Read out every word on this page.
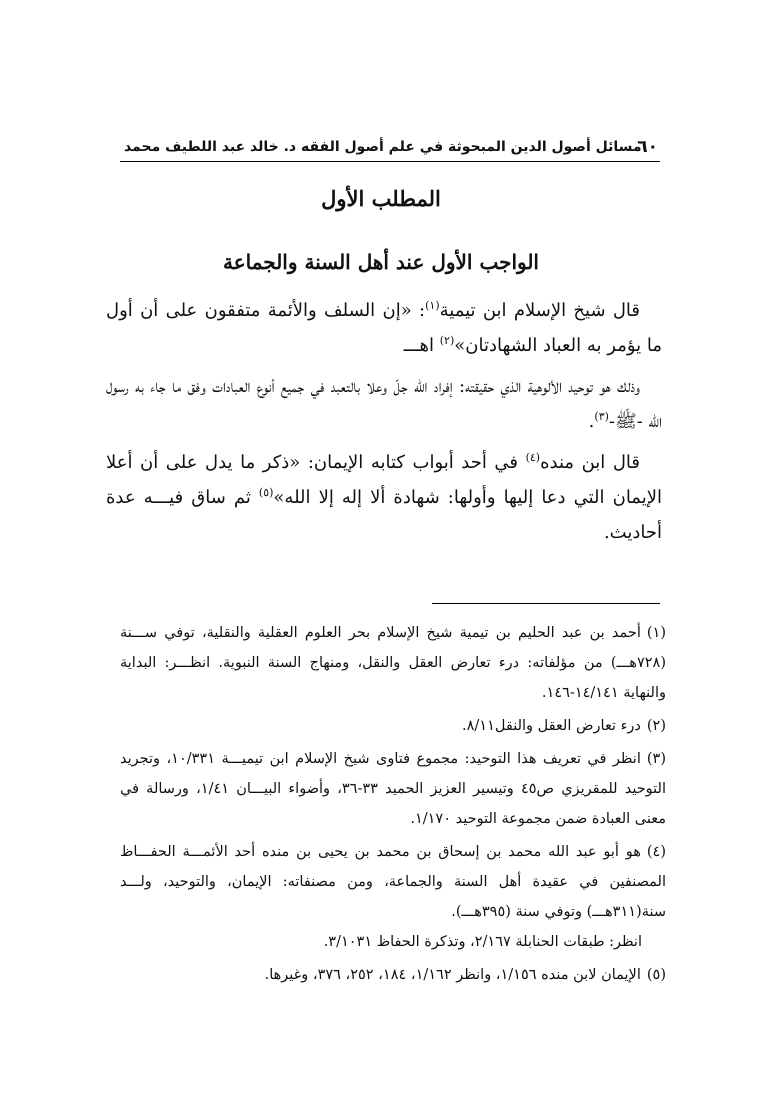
٦٠
مسائل أصول الدين المبحوثة في علم أصول الفقه د. خالد عبد اللطيف محمد
المطلب الأول
الواجب الأول عند أهل السنة والجماعة

قال شيخ الإسلام ابن تيمية$^{(١)}$: «إن السلف والأئمة متفقون على أن أول ما يؤمر به العباد الشهادتان»$^{(٢)}$ اهـــ

وذلك هو توحيد الألوهية الذي حقيقته: إفراد الله جلّ وعلا بالتعبد في جميع أنوع العبادات وفق ما جاء به رسول الله -ﷺ-$^{(٣)}$.

قال ابن منده$^{(٤)}$ في أحد أبواب كتابه الإيمان: «ذكر ما يدل على أن أعلا الإيمان التي دعا إليها وأولها: شهادة ألا إله إلا الله»$^{(٥)}$ ثم ساق فيـــه عدة أحاديث.

(١)أحمد بن عبد الحليم بن تيمية شيخ الإسلام بحر العلوم العقلية والنقلية، توفي ســـنة (٧٢٨هـــ) من مؤلفاته: درء تعارض العقل والنقل، ومنهاج السنة النبوية. انظـــر: البداية والنهاية ١٤/١٤١-١٤٦.
(٢)درء تعارض العقل والنقل٨/١١.
(٣)انظر في تعريف هذا التوحيد: مجموع فتاوى شيخ الإسلام ابن تيميـــة ١٠/٣٣١، وتجريد التوحيد للمقريزي ص٤٥ وتيسير العزيز الحميد ٣٣-٣٦، وأضواء البيـــان ١/٤١، ورسالة في معنى العبادة ضمن مجموعة التوحيد ١/١٧٠.
(٤)هو أبو عبد الله محمد بن إسحاق بن محمد بن يحيى بن منده أحد الأئمـــة الحفـــاظ المصنفين في عقيدة أهل السنة والجماعة، ومن مصنفاته: الإيمان، والتوحيد، ولـــد سنة(٣١١هـــ) وتوفي سنة (٣٩٥هـــ).
انظر: طبقات الحنابلة ٢/١٦٧، وتذكرة الحفاظ ٣/١٠٣١.
(٥)الإيمان لابن منده ١/١٥٦، وانظر ١/١٦٢، ١٨٤، ٢٥٢، ٣٧٦، وغيرها.
